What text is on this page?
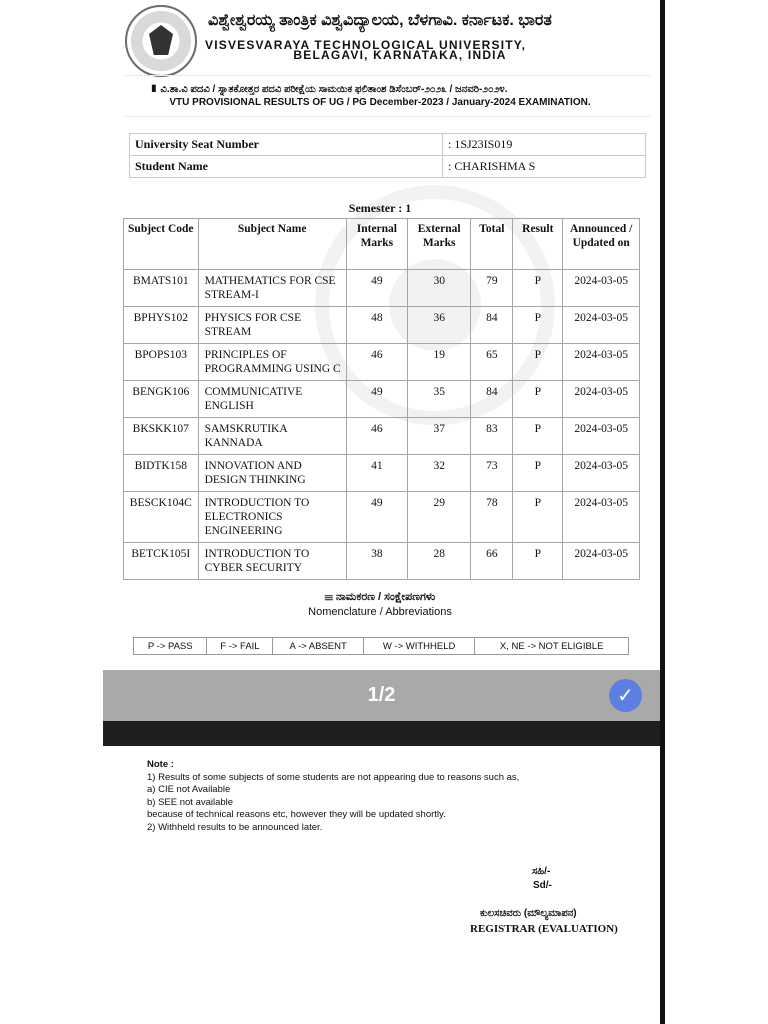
ವಿಶ್ವೇಶ್ವರಯ್ಯ ತಾಂತ್ರಿಕ ವಿಶ್ವವಿದ್ಯಾಲಯ, ಬೆಳಗಾವಿ. ಕರ್ನಾಟಕ. ಭಾರತ
VISVESVARAYA TECHNOLOGICAL UNIVERSITY,
BELAGAVI, KARNATAKA, INDIA
▮ ವಿ.ತಾ.ವಿ ಪದವಿ / ಸ್ನಾತಕೋತ್ತರ ಪದವಿ ಪರೀಕ್ಷೆಯ ಸಾಮಯಿಕ ಫಲಿತಾಂಶ ಡಿಸೆಂಬರ್-೨೦೨೩ / ಜನವರಿ-೨೦೨೪.
VTU PROVISIONAL RESULTS OF UG / PG December-2023 / January-2024 EXAMINATION.
University Seat Number	: 1SJ23IS019
Student Name	: CHARISHMA S
Semester : 1
Subject Code	Subject Name	Internal Marks	External Marks	Total	Result	Announced / Updated on
BMATS101	MATHEMATICS FOR CSE STREAM-I	49	30	79	P	2024-03-05
BPHYS102	PHYSICS FOR CSE STREAM	48	36	84	P	2024-03-05
BPOPS103	PRINCIPLES OF PROGRAMMING USING C	46	19	65	P	2024-03-05
BENGK106	COMMUNICATIVE ENGLISH	49	35	84	P	2024-03-05
BKSKK107	SAMSKRUTIKA KANNADA	46	37	83	P	2024-03-05
BIDTK158	INNOVATION AND DESIGN THINKING	41	32	73	P	2024-03-05
BESCK104C	INTRODUCTION TO ELECTRONICS ENGINEERING	49	29	78	P	2024-03-05
BETCK105I	INTRODUCTION TO CYBER SECURITY	38	28	66	P	2024-03-05
☰ ನಾಮಕರಣ / ಸಂಕ್ಷೇಪಣಗಳು
Nomenclature / Abbreviations
P -> PASS	F -> FAIL	A -> ABSENT	W -> WITHHELD	X, NE -> NOT ELIGIBLE
1/2	✓
Note :
1) Results of some subjects of some students are not appearing due to reasons such as,
a) CIE not Available
b) SEE not available
because of technical reasons etc, however they will be updated shortly.
2) Withheld results to be announced later.
ಸಹಿ/-
Sd/-
ಕುಲಸಚಿವರು (ಮೌಲ್ಯಮಾಪನ)
REGISTRAR (EVALUATION)
